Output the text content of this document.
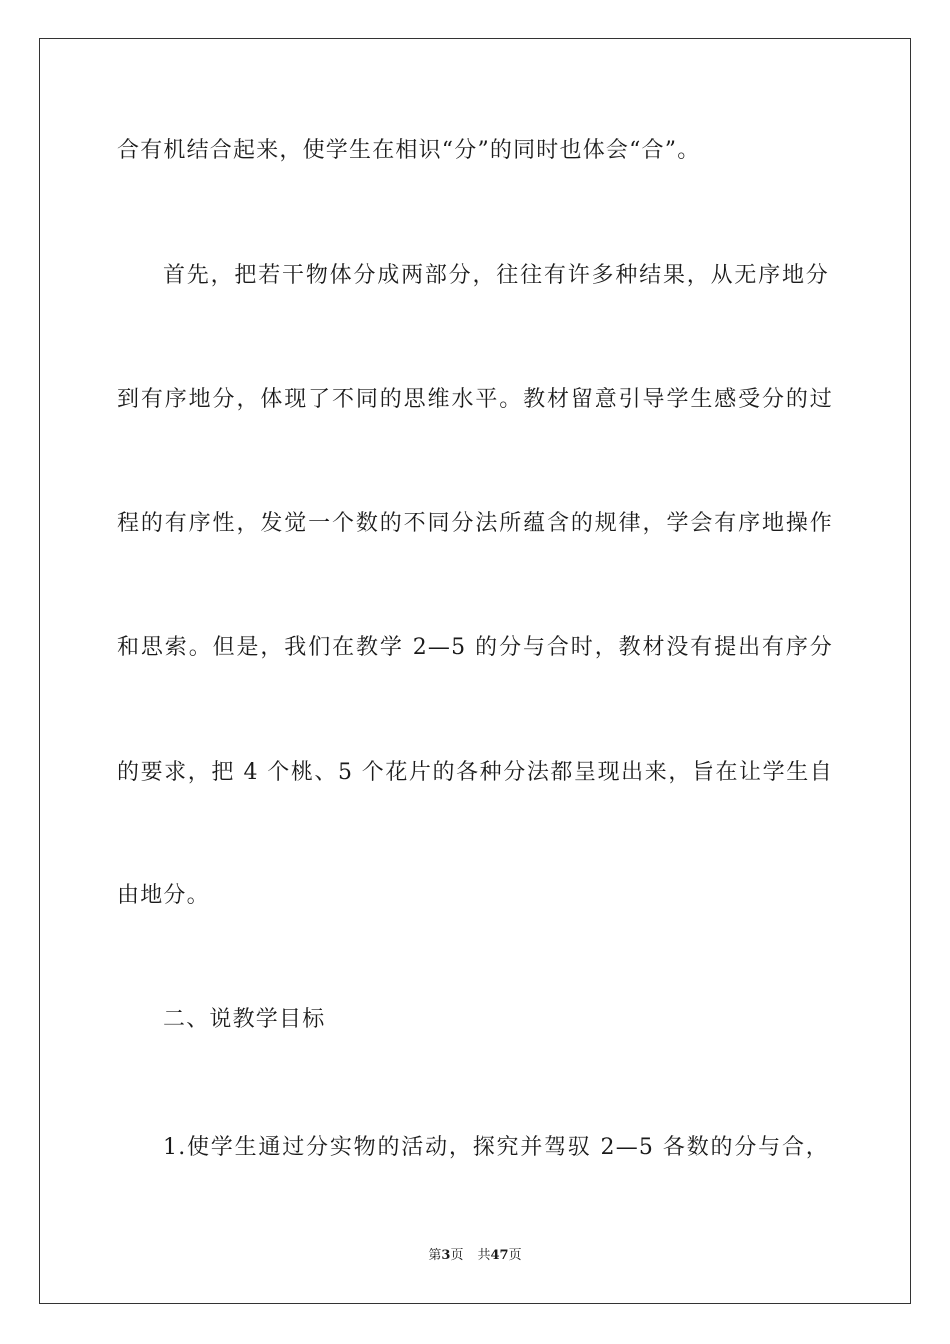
合有机结合起来，使学生在相识“分”的同时也体会“合”。
首先，把若干物体分成两部分，往往有许多种结果，从无序地分
到有序地分，体现了不同的思维水平。教材留意引导学生感受分的过
程的有序性，发觉一个数的不同分法所蕴含的规律，学会有序地操作
和思索。但是，我们在教学 2—5 的分与合时，教材没有提出有序分
的要求，把 4 个桃、5 个花片的各种分法都呈现出来，旨在让学生自
由地分。
二、说教学目标
1.使学生通过分实物的活动，探究并驾驭 2—5 各数的分与合，
第3页 共47页
